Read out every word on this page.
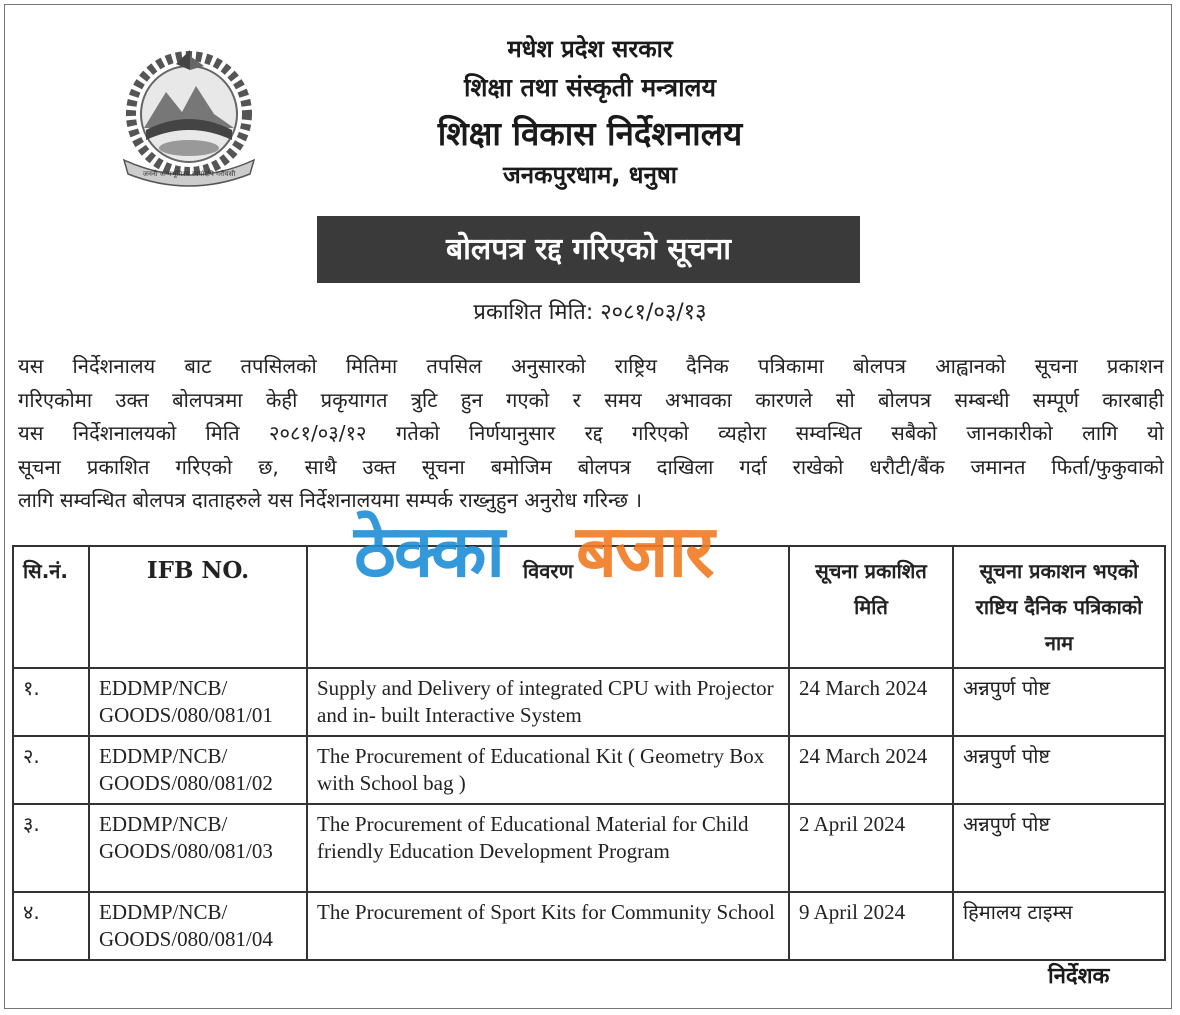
जननी जन्मभूमिश्च स्वर्गादपि गरीयसी
मधेश प्रदेश सरकार
शिक्षा तथा संस्कृती मन्त्रालय
शिक्षा विकास निर्देशनालय
जनकपुरधाम, धनुषा
बोलपत्र रद्द गरिएको सूचना
प्रकाशित मिति: २०८१/०३/१३
यस निर्देशनालय बाट तपसिलको मितिमा तपसिल अनुसारको राष्ट्रिय दैनिक पत्रिकामा बोलपत्र आह्वानको सूचना प्रकाशन
गरिएकोमा उक्त बोलपत्रमा केही प्रकृयागत त्रुटि हुन गएको र समय अभावका कारणले सो बोलपत्र सम्बन्धी सम्पूर्ण कारबाही
यस निर्देशनालयको मिति २०८१/०३/१२ गतेको निर्णयानुसार रद्द गरिएको व्यहोरा सम्वन्धित सबैको जानकारीको लागि यो
सूचना प्रकाशित गरिएको छ, साथै उक्त सूचना बमोजिम बोलपत्र दाखिला गर्दा राखेको धरौटी/बैंक जमानत फिर्ता/फुकुवाको
लागि सम्वन्धित बोलपत्र दाताहरुले यस निर्देशनालयमा सम्पर्क राख्नुहुन अनुरोध गरिन्छ ।
सि.नं.	IFB NO.	विवरण	सूचना प्रकाशित मिति	सूचना प्रकाशन भएको राष्टिय दैनिक पत्रिकाको नाम
१.	EDDMP/NCB/
GOODS/080/081/01	Supply and Delivery of integrated CPU with Projector and in- built Interactive System	24 March 2024	अन्नपुर्ण पोष्ट
२.	EDDMP/NCB/
GOODS/080/081/02	The Procurement of Educational Kit ( Geometry Box with School bag )	24 March 2024	अन्नपुर्ण पोष्ट
३.	EDDMP/NCB/
GOODS/080/081/03	The Procurement of Educational Material for Child friendly Education Development Program	2 April 2024	अन्नपुर्ण पोष्ट
४.	EDDMP/NCB/
GOODS/080/081/04	The Procurement of Sport Kits for Community School	9 April 2024	हिमालय टाइम्स
ठेक्का बजार
निर्देशक
